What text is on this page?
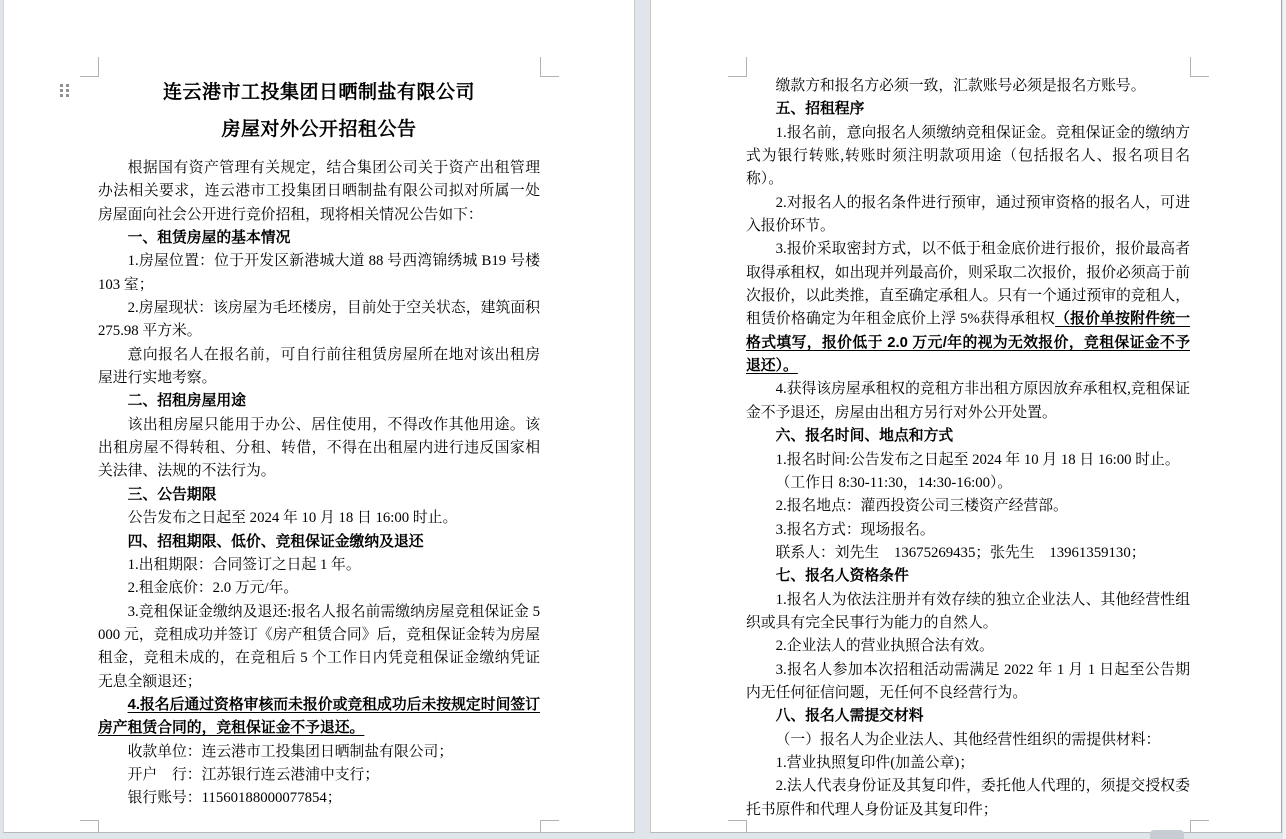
连云港市工投集团日晒制盐有限公司
房屋对外公开招租公告

根据国有资产管理有关规定，结合集团公司关于资产出租管理办法相关要求，连云港市工投集团日晒制盐有限公司拟对所属一处房屋面向社会公开进行竞价招租，现将相关情况公告如下：

一、租赁房屋的基本情况

1.房屋位置：位于开发区新港城大道 88 号西湾锦绣城 B19 号楼 103 室；

2.房屋现状：该房屋为毛坯楼房，目前处于空关状态，建筑面积 275.98 平方米。

意向报名人在报名前，可自行前往租赁房屋所在地对该出租房屋进行实地考察。

二、招租房屋用途

该出租房屋只能用于办公、居住使用，不得改作其他用途。该出租房屋不得转租、分租、转借，不得在出租屋内进行违反国家相关法律、法规的不法行为。

三、公告期限

公告发布之日起至 2024 年 10 月 18 日 16:00 时止。

四、招租期限、低价、竞租保证金缴纳及退还

1.出租期限：合同签订之日起 1 年。

2.租金底价：2.0 万元/年。

3.竞租保证金缴纳及退还:报名人报名前需缴纳房屋竞租保证金 5000 元，竞租成功并签订《房产租赁合同》后，竞租保证金转为房屋租金，竞租未成的，在竞租后 5 个工作日内凭竞租保证金缴纳凭证无息全额退还；

4.报名后通过资格审核而未报价或竞租成功后未按规定时间签订房产租赁合同的，竞租保证金不予退还。

收款单位：连云港市工投集团日晒制盐有限公司；

开户　行：江苏银行连云港浦中支行；

银行账号：11560188000077854；

缴款方和报名方必须一致，汇款账号必须是报名方账号。

五、招租程序

1.报名前，意向报名人须缴纳竞租保证金。竞租保证金的缴纳方式为银行转账,转账时须注明款项用途（包括报名人、报名项目名称）。

2.对报名人的报名条件进行预审，通过预审资格的报名人，可进入报价环节。

3.报价采取密封方式，以不低于租金底价进行报价，报价最高者取得承租权，如出现并列最高价，则采取二次报价，报价必须高于前次报价，以此类推，直至确定承租人。只有一个通过预审的竞租人，租赁价格确定为年租金底价上浮 5%获得承租权（报价单按附件统一格式填写，报价低于 2.0 万元/年的视为无效报价，竞租保证金不予退还）。

4.获得该房屋承租权的竞租方非出租方原因放弃承租权,竞租保证金不予退还，房屋由出租方另行对外公开处置。

六、报名时间、地点和方式

1.报名时间:公告发布之日起至 2024 年 10 月 18 日 16:00 时止。

（工作日 8:30-11:30，14:30-16:00）。

2.报名地点：灌西投资公司三楼资产经营部。

3.报名方式：现场报名。

联系人：刘先生　13675269435；张先生　13961359130；

七、报名人资格条件

1.报名人为依法注册并有效存续的独立企业法人、其他经营性组织或具有完全民事行为能力的自然人。

2.企业法人的营业执照合法有效。

3.报名人参加本次招租活动需满足 2022 年 1 月 1 日起至公告期内无任何征信问题，无任何不良经营行为。

八、报名人需提交材料

（一）报名人为企业法人、其他经营性组织的需提供材料：

1.营业执照复印件(加盖公章)；

2.法人代表身份证及其复印件，委托他人代理的，须提交授权委托书原件和代理人身份证及其复印件；
